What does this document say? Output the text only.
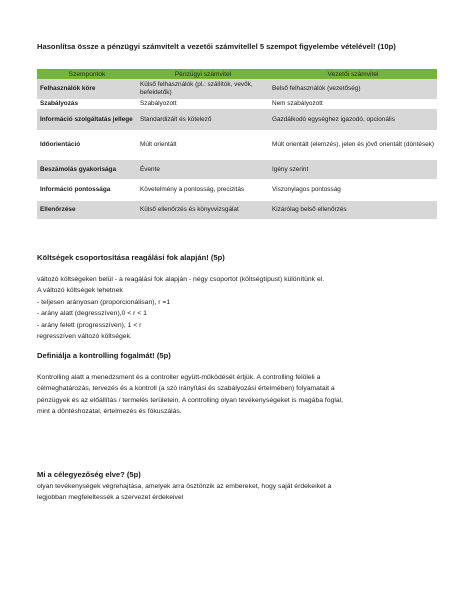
Hasonlítsa össze a pénzügyi számvitelt a vezetői számvitellel 5 szempot figyelembe vételével! (10p)
Szempontok	Pénzügyi számvitel	Vezetői számvitel
Felhasználók köre	Külső felhasználók (pl.: szállítók, vevők, befektetők)	Belső felhasználók (vezetőség)
Szabályozás	Szabályozott	Nem szabályozott
Információ szolgáltatás jellege	Standardizált és kötelező	Gazdálkodó egységhez igazodó, opcionális
Időorientáció	Múlt orientált	Múlt orientált (elemzés), jelen és jövő orientált (döntések)
Beszámolás gyakorisága	Évente	Igény szerint
Információ pontossága	Követelmény a pontosság, precizitás	Viszonylagos pontosság
Ellenőrzése	Külső ellenőrzés és könyvvizsgálat	Kizárólag belső ellenőrzés
Költségek csoportosítása reagálási fok alapján! (5p)
változó költségeken belül - a reagálási fok alapján - négy csoportot (költségtípust) különítünk el.
A változó költségek lehetnek
- teljesen arányosan (proporcionálisan), r =1
- arány alatt (degresszíven),0 < r < 1
- arány felett (progresszíven), 1 < r
regresszíven változó költségek.
Definiálja a kontrolling fogalmát! (5p)
Kontrolling alatt a menedzsment és a controller együtt-működését értjük. A controlling felöleli a
célmeghatározás, tervezés és a kontroll (a szó irányítási és szabályozási értelmében) folyamatait a
pénzügyek és az előállítás / termelés területein. A controlling olyan tevékenységeket is magába foglal,
mint a döntéshozatal, értelmezés és fókuszálás.
Mi a célegyezőség elve? (5p)
olyan tevékenységek végrehajtása, amelyek arra ösztönzik az embereket, hogy saját érdekeiket a
legjobban megfeleltessék a szervezet érdekeivel
